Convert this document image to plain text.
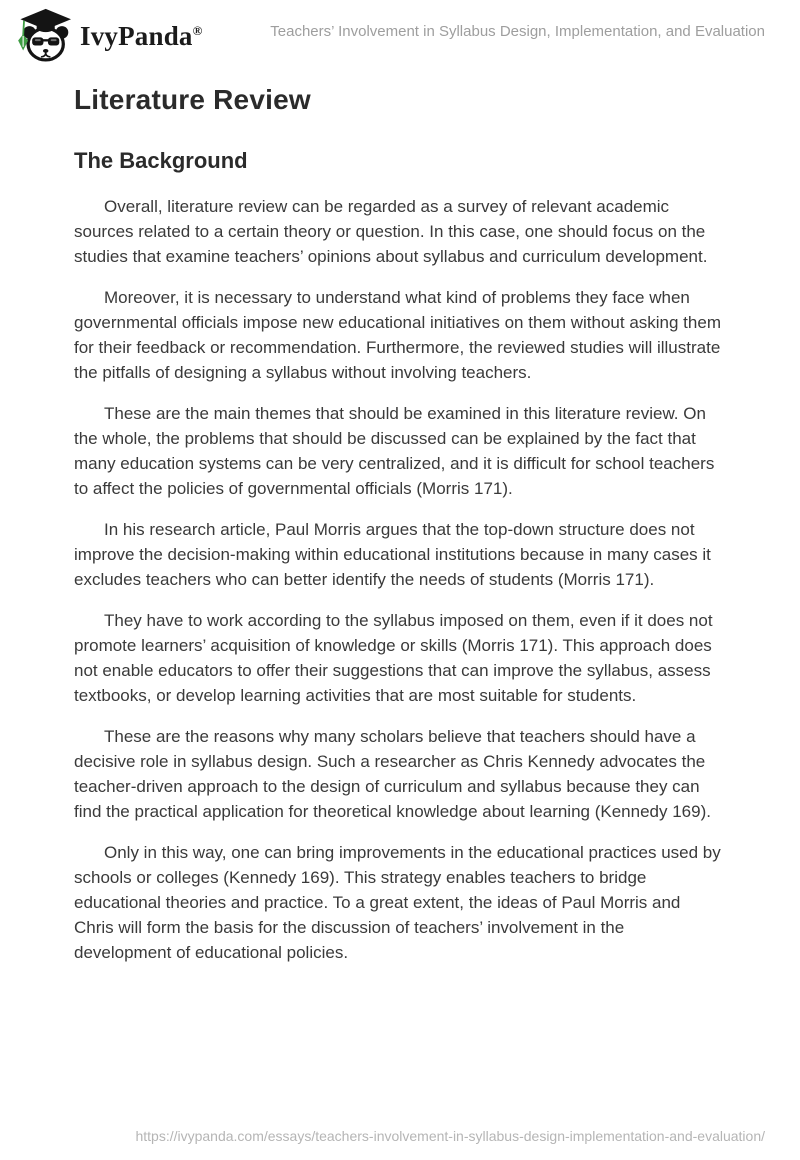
IvyPanda®	Teachers’ Involvement in Syllabus Design, Implementation, and Evaluation
Literature Review
The Background

Overall, literature review can be regarded as a survey of relevant academic sources related to a certain theory or question. In this case, one should focus on the studies that examine teachers’ opinions about syllabus and curriculum development.

Moreover, it is necessary to understand what kind of problems they face when governmental officials impose new educational initiatives on them without asking them for their feedback or recommendation. Furthermore, the reviewed studies will illustrate the pitfalls of designing a syllabus without involving teachers.

These are the main themes that should be examined in this literature review. On the whole, the problems that should be discussed can be explained by the fact that many education systems can be very centralized, and it is difficult for school teachers to affect the policies of governmental officials (Morris 171).

In his research article, Paul Morris argues that the top-down structure does not improve the decision-making within educational institutions because in many cases it excludes teachers who can better identify the needs of students (Morris 171).

They have to work according to the syllabus imposed on them, even if it does not promote learners’ acquisition of knowledge or skills (Morris 171). This approach does not enable educators to offer their suggestions that can improve the syllabus, assess textbooks, or develop learning activities that are most suitable for students.

These are the reasons why many scholars believe that teachers should have a decisive role in syllabus design. Such a researcher as Chris Kennedy advocates the teacher-driven approach to the design of curriculum and syllabus because they can find the practical application for theoretical knowledge about learning (Kennedy 169).

Only in this way, one can bring improvements in the educational practices used by schools or colleges (Kennedy 169). This strategy enables teachers to bridge educational theories and practice. To a great extent, the ideas of Paul Morris and Chris will form the basis for the discussion of teachers’ involvement in the development of educational policies.

https://ivypanda.com/essays/teachers-involvement-in-syllabus-design-implementation-and-evaluation/
